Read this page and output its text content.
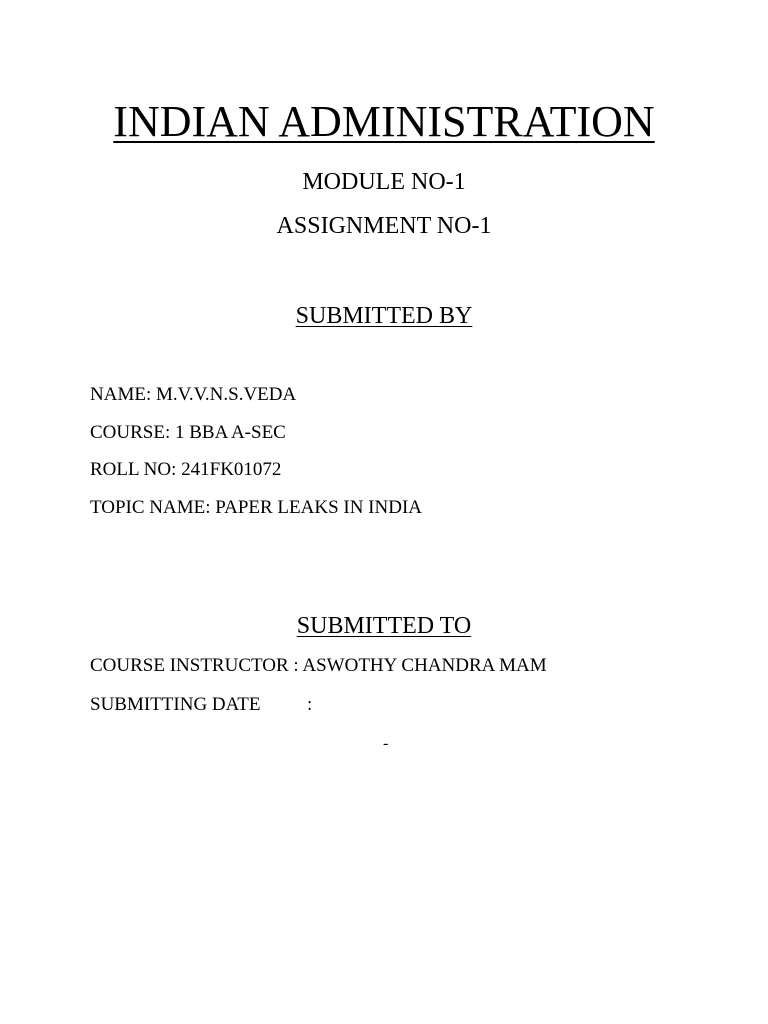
INDIAN ADMINISTRATION
MODULE NO-1
ASSIGNMENT NO-1
SUBMITTED BY
NAME: M.V.V.N.S.VEDA
COURSE: 1 BBA A-SEC
ROLL NO: 241FK01072
TOPIC NAME: PAPER LEAKS IN INDIA
SUBMITTED TO
COURSE INSTRUCTOR : ASWOTHY CHANDRA MAM
SUBMITTING DATE :
-
